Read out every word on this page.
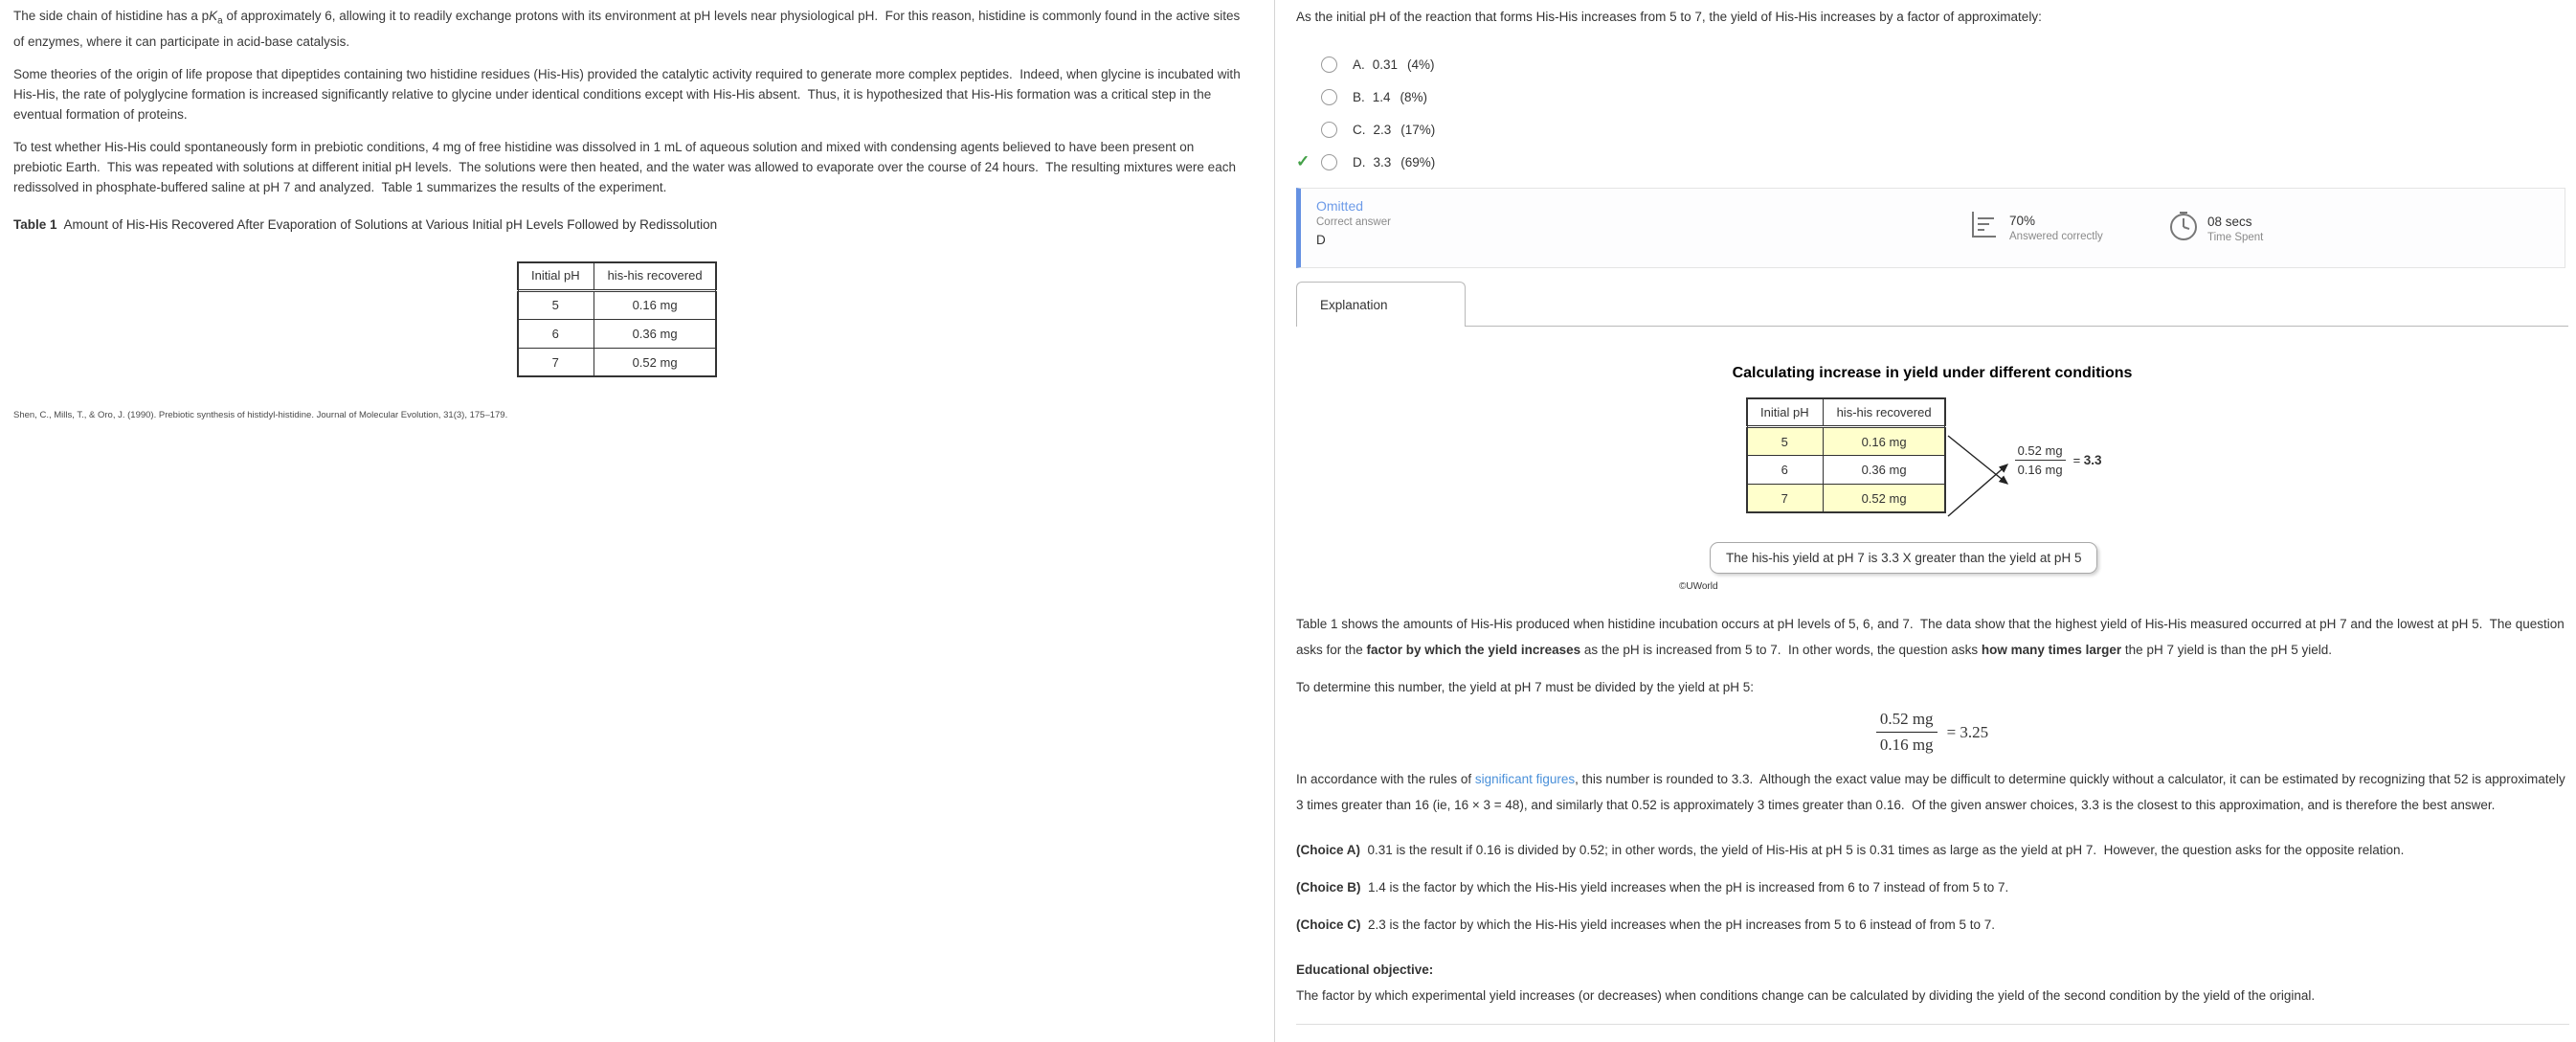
The side chain of histidine has a $pK_a$ of approximately 6, allowing it to readily exchange protons with its environment at pH levels near physiological pH.  For this reason, histidine is commonly found in the active sites of enzymes, where it can participate in acid-base catalysis.
Some theories of the origin of life propose that dipeptides containing two histidine residues (His-His) provided the catalytic activity required to generate more complex peptides.  Indeed, when glycine is incubated with His-His, the rate of polyglycine formation is increased significantly relative to glycine under identical conditions except with His-His absent.  Thus, it is hypothesized that His-His formation was a critical step in the eventual formation of proteins.
To test whether His-His could spontaneously form in prebiotic conditions, 4 mg of free histidine was dissolved in 1 mL of aqueous solution and mixed with condensing agents believed to have been present on prebiotic Earth.  This was repeated with solutions at different initial pH levels.  The solutions were then heated, and the water was allowed to evaporate over the course of 24 hours.  The resulting mixtures were each redissolved in phosphate-buffered saline at pH 7 and analyzed.  Table 1 summarizes the results of the experiment.
Table 1 Amount of His-His Recovered After Evaporation of Solutions at Various Initial pH Levels Followed by Redissolution
Initial pH	his-his recovered
5	0.16 mg
6	0.36 mg
7	0.52 mg
Shen, C., Mills, T., & Oro, J. (1990). Prebiotic synthesis of histidyl-histidine. Journal of Molecular Evolution, 31(3), 175–179.
As the initial pH of the reaction that forms His-His increases from 5 to 7, the yield of His-His increases by a factor of approximately:
A. 0.31 (4%)
B. 1.4 (8%)
C. 2.3 (17%)
✓	D. 3.3 (69%)
Omitted
Correct answer
D
70%
Answered correctly
08 secs
Time Spent
Explanation
Calculating increase in yield under different conditions
Initial pH	his-his recovered
5	0.16 mg
6	0.36 mg
7	0.52 mg
$\frac{0.52 mg}{0.16 mg} = 3.3$
The his-his yield at pH 7 is 3.3 X greater than the yield at pH 5
©UWorld
Table 1 shows the amounts of His-His produced when histidine incubation occurs at pH levels of 5, 6, and 7.  The data show that the highest yield of His-His measured occurred at pH 7 and the lowest at pH 5.  The question asks for the factor by which the yield increases as the pH is increased from 5 to 7.  In other words, the question asks how many times larger the pH 7 yield is than the pH 5 yield.
To determine this number, the yield at pH 7 must be divided by the yield at pH 5:
$\frac{0.52 mg}{0.16 mg} = 3.25$
In accordance with the rules of significant figures, this number is rounded to 3.3.  Although the exact value may be difficult to determine quickly without a calculator, it can be estimated by recognizing that 52 is approximately 3 times greater than 16 (ie, 16 × 3 = 48), and similarly that 0.52 is approximately 3 times greater than 0.16.  Of the given answer choices, 3.3 is the closest to this approximation, and is therefore the best answer.
(Choice A)  0.31 is the result if 0.16 is divided by 0.52; in other words, the yield of His-His at pH 5 is 0.31 times as large as the yield at pH 7.  However, the question asks for the opposite relation.
(Choice B)  1.4 is the factor by which the His-His yield increases when the pH is increased from 6 to 7 instead of from 5 to 7.
(Choice C)  2.3 is the factor by which the His-His yield increases when the pH increases from 5 to 6 instead of from 5 to 7.
Educational objective:
The factor by which experimental yield increases (or decreases) when conditions change can be calculated by dividing the yield of the second condition by the yield of the original.
